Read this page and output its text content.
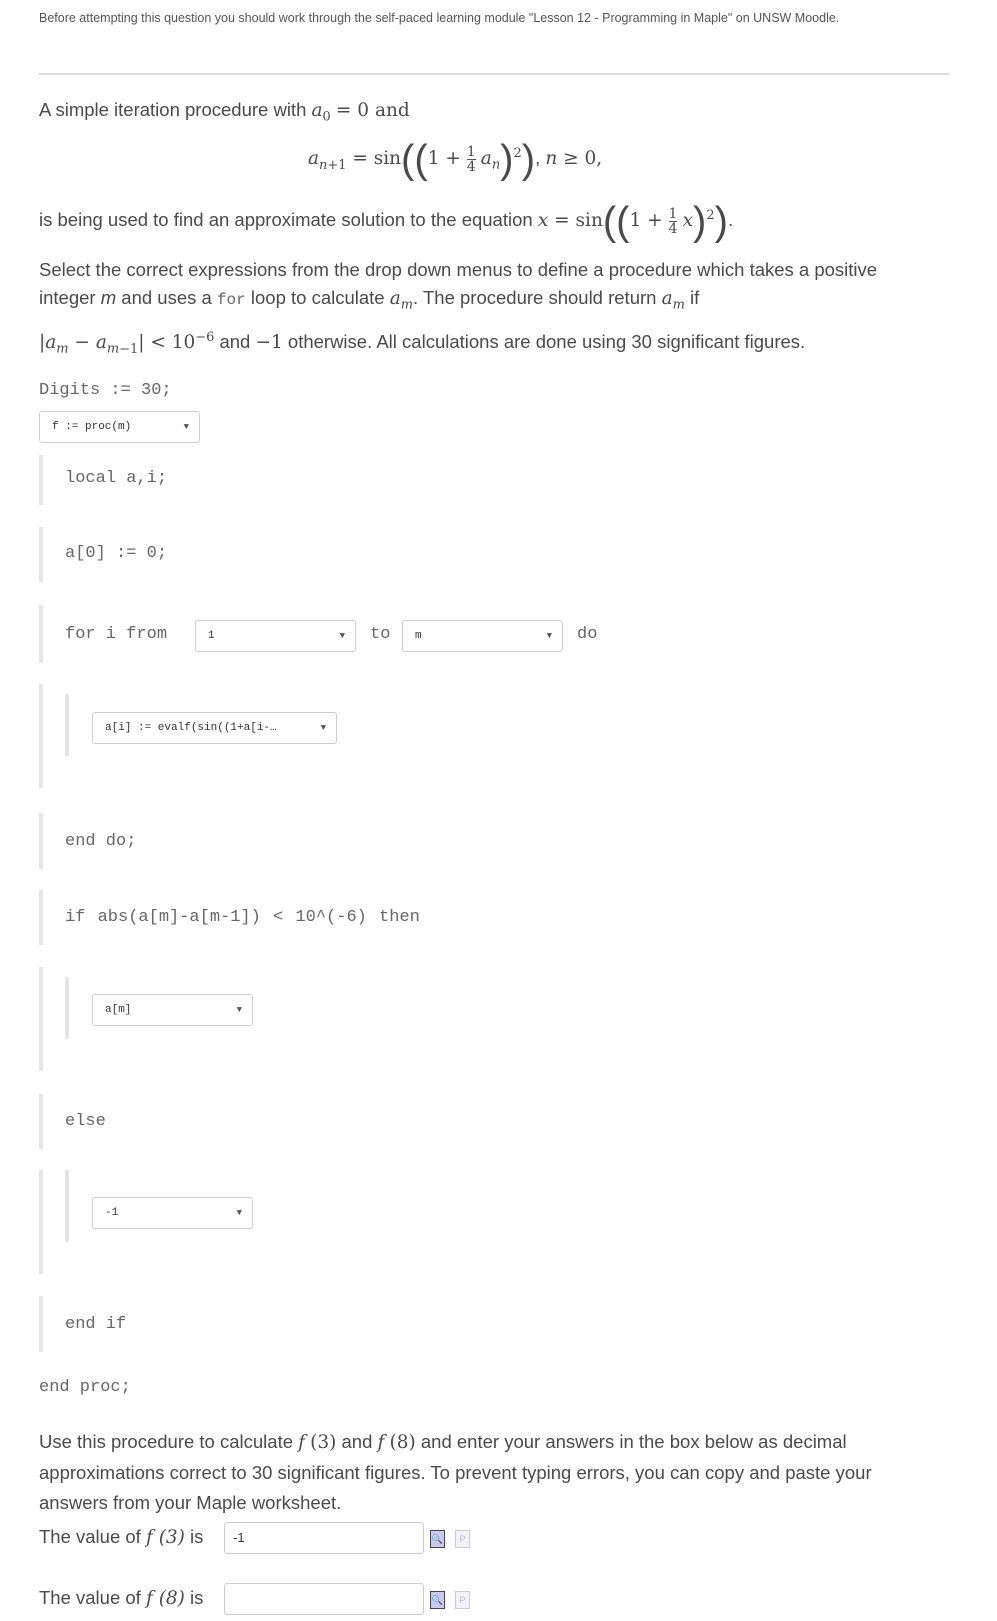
Before attempting this question you should work through the self-paced learning module "Lesson 12 - Programming in Maple" on UNSW Moodle.
A simple iteration procedure with $a_0 = 0$ and
$a_{n+1} = \sin((1 + \frac{1}{4} a_n)^2)$, n ≥ 0,
is being used to find an approximate solution to the equation $x = \sin((1 + \frac{1}{4} x)^2)$.
Select the correct expressions from the drop down menus to define a procedure which takes a positive
integer m and uses a for loop to calculate $a_m$. The procedure should return $a_m$ if
$|a_m - a_{m-1}| < 10^{-6}$ and −1 otherwise. All calculations are done using 30 significant figures.
Digits := 30;
f := proc(m)	▼
local a,i;
a[0] := 0;
for i from	to	do
1	▼	m	▼
a[i] := evalf(sin((1+a[i-…	▼
end do;
if abs(a[m]-a[m-1]) < 10^(-6) then
a[m]	▼
else
-1	▼
end if
end proc;
Use this procedure to calculate f (3) and f (8) and enter your answers in the box below as decimal
approximations correct to 30 significant figures. To prevent typing errors, you can copy and paste your
answers from your Maple worksheet.
The value of f (3) is	-1	🔍	P
The value of f (8) is	🔍	P
